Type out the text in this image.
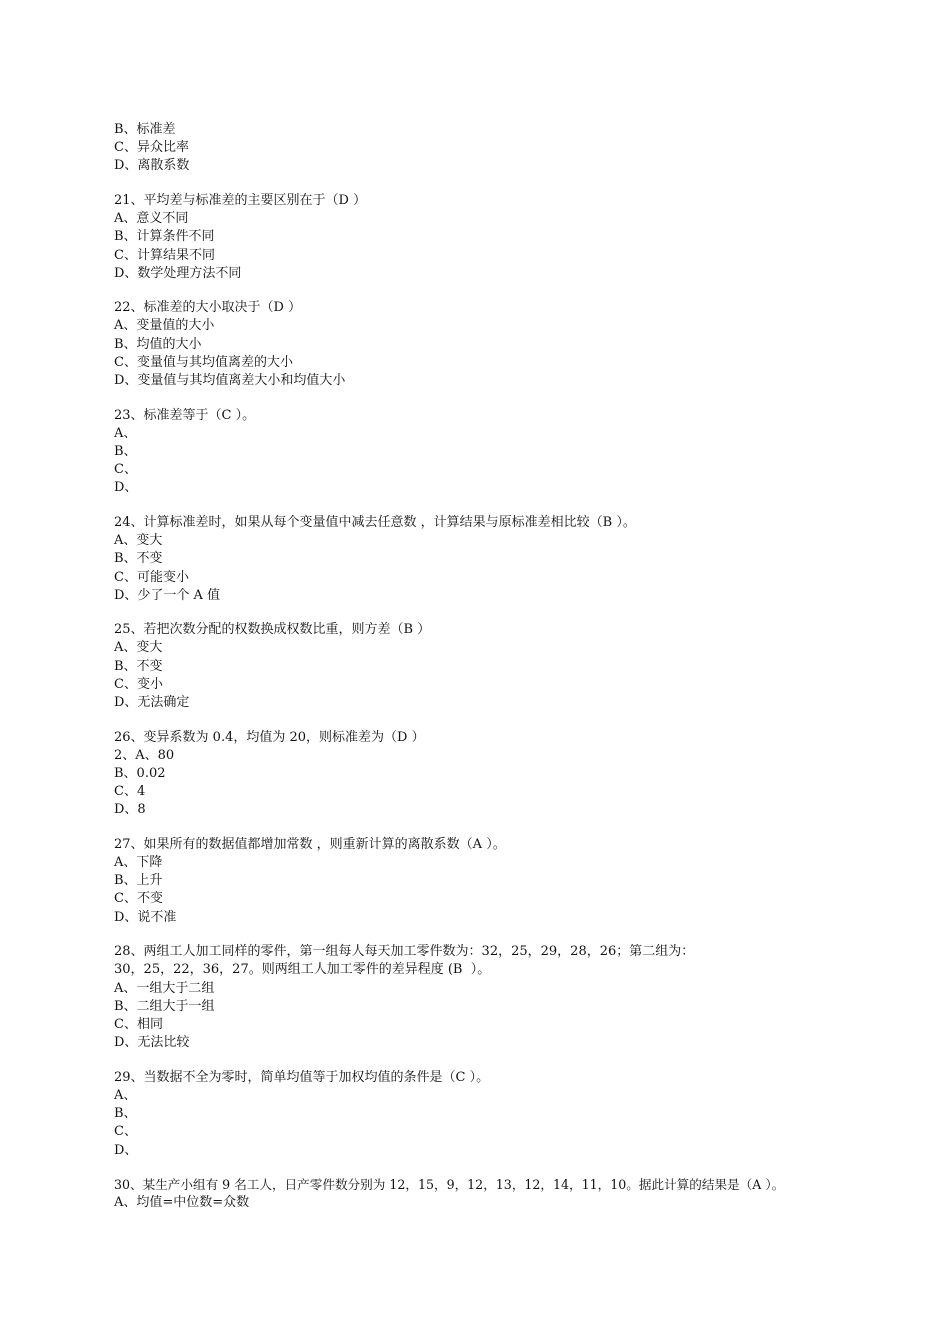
B、标准差
C、异众比率
D、离散系数
21、平均差与标准差的主要区别在于（D ）
A、意义不同
B、计算条件不同
C、计算结果不同
D、数学处理方法不同
22、标准差的大小取决于（D ）
A、变量值的大小
B、均值的大小
C、变量值与其均值离差的大小
D、变量值与其均值离差大小和均值大小
23、标准差等于（C ）。
A、
B、
C、
D、
24、计算标准差时，如果从每个变量值中减去任意数 ，计算结果与原标准差相比较（B ）。
A、变大
B、不变
C、可能变小
D、少了一个 A 值
25、若把次数分配的权数换成权数比重，则方差（B ）
A、变大
B、不变
C、变小
D、无法确定
26、变异系数为 0.4，均值为 20，则标准差为（D ）
2、A、80
B、0.02
C、4
D、8
27、如果所有的数据值都增加常数 ，则重新计算的离散系数（A ）。
A、下降
B、上升
C、不变
D、说不准
28、两组工人加工同样的零件，第一组每人每天加工零件数为：32，25，29，28，26；第二组为：
30，25，22，36，27。则两组工人加工零件的差异程度 (B  ）。
A、一组大于二组
B、二组大于一组
C、相同
D、无法比较
29、当数据不全为零时，简单均值等于加权均值的条件是（C ）。
A、
B、
C、
D、
30、某生产小组有 9 名工人，日产零件数分别为 12，15，9，12，13，12，14，11，10。据此计算的结果是（A ）。
A、均值=中位数=众数
